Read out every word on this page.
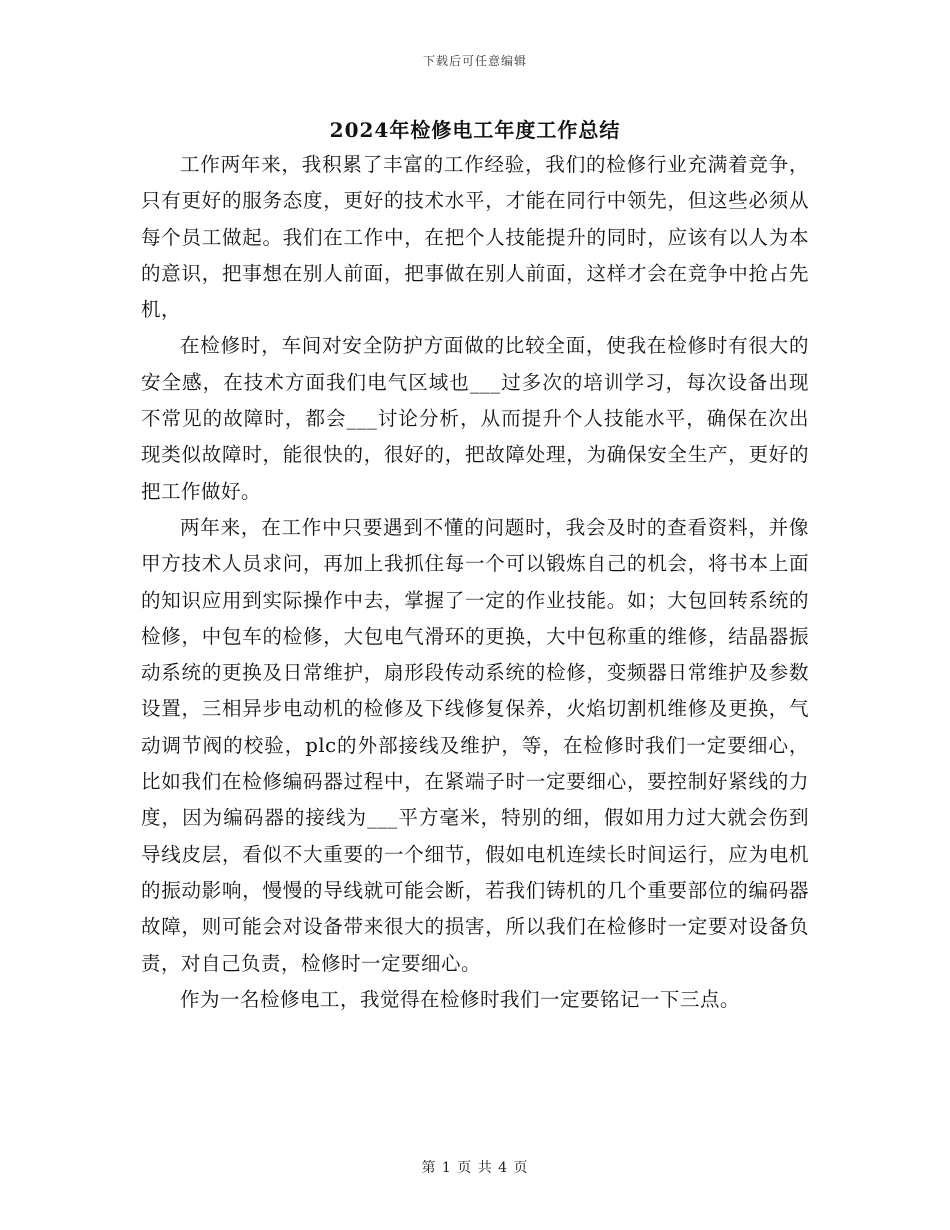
下载后可任意编辑
2024年检修电工年度工作总结

工作两年来，我积累了丰富的工作经验，我们的检修行业充满着竞争，只有更好的服务态度，更好的技术水平，才能在同行中领先，但这些必须从每个员工做起。我们在工作中，在把个人技能提升的同时，应该有以人为本的意识，把事想在别人前面，把事做在别人前面，这样才会在竞争中抢占先机，

在检修时，车间对安全防护方面做的比较全面，使我在检修时有很大的安全感，在技术方面我们电气区域也___过多次的培训学习，每次设备出现不常见的故障时，都会___讨论分析，从而提升个人技能水平，确保在次出现类似故障时，能很快的，很好的，把故障处理，为确保安全生产，更好的把工作做好。

两年来，在工作中只要遇到不懂的问题时，我会及时的查看资料，并像甲方技术人员求问，再加上我抓住每一个可以锻炼自己的机会，将书本上面的知识应用到实际操作中去，掌握了一定的作业技能。如；大包回转系统的检修，中包车的检修，大包电气滑环的更换，大中包称重的维修，结晶器振动系统的更换及日常维护，扇形段传动系统的检修，变频器日常维护及参数设置，三相异步电动机的检修及下线修复保养，火焰切割机维修及更换，气动调节阀的校验，plc的外部接线及维护，等，在检修时我们一定要细心，比如我们在检修编码器过程中，在紧端子时一定要细心，要控制好紧线的力度，因为编码器的接线为___平方毫米，特别的细，假如用力过大就会伤到导线皮层，看似不大重要的一个细节，假如电机连续长时间运行，应为电机的振动影响，慢慢的导线就可能会断，若我们铸机的几个重要部位的编码器故障，则可能会对设备带来很大的损害，所以我们在检修时一定要对设备负责，对自己负责，检修时一定要细心。

作为一名检修电工，我觉得在检修时我们一定要铭记一下三点。

第 1 页 共 4 页
